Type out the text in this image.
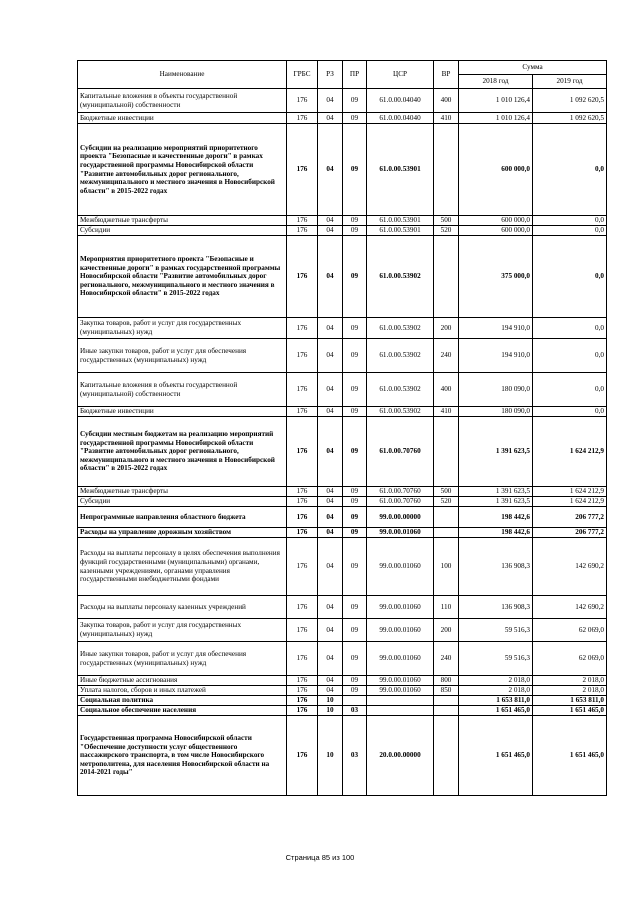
Наименование	ГРБС	РЗ	ПР	ЦСР	ВР	Сумма	
						2018 год	2019 год
Капитальные вложения в объекты государственной (муниципальной) собственности	176	04	09	61.0.00.04040	400	1 010 126,4	1 092 620,5
Бюджетные инвестиции	176	04	09	61.0.00.04040	410	1 010 126,4	1 092 620,5
Субсидии на реализацию мероприятий приоритетного проекта "Безопасные и качественные дороги" в рамках государственной программы Новосибирской области "Развитие автомобильных дорог регионального, межмуниципального и местного значения в Новосибирской области" в 2015-2022 годах	176	04	09	61.0.00.53901		600 000,0	0,0
Межбюджетные трансферты	176	04	09	61.0.00.53901	500	600 000,0	0,0
Субсидии	176	04	09	61.0.00.53901	520	600 000,0	0,0
Мероприятия приоритетного проекта "Безопасные и качественные дороги" в рамках государственной программы Новосибирской области "Развитие автомобильных дорог регионального, межмуниципального и местного значения в Новосибирской области" в 2015-2022 годах	176	04	09	61.0.00.53902		375 000,0	0,0
Закупка товаров, работ и услуг для государственных (муниципальных) нужд	176	04	09	61.0.00.53902	200	194 910,0	0,0
Иные закупки товаров, работ и услуг для обеспечения государственных (муниципальных) нужд	176	04	09	61.0.00.53902	240	194 910,0	0,0
Капитальные вложения в объекты государственной (муниципальной) собственности	176	04	09	61.0.00.53902	400	180 090,0	0,0
Бюджетные инвестиции	176	04	09	61.0.00.53902	410	180 090,0	0,0
Субсидии местным бюджетам на реализацию мероприятий государственной программы Новосибирской области "Развитие автомобильных дорог регионального, межмуниципального и местного значения в Новосибирской области" в 2015-2022 годах	176	04	09	61.0.00.70760		1 391 623,5	1 624 212,9
Межбюджетные трансферты	176	04	09	61.0.00.70760	500	1 391 623,5	1 624 212,9
Субсидии	176	04	09	61.0.00.70760	520	1 391 623,5	1 624 212,9
Непрограммные направления областного бюджета	176	04	09	99.0.00.00000		198 442,6	206 777,2
Расходы на управление дорожным хозяйством	176	04	09	99.0.00.01060		198 442,6	206 777,2
Расходы на выплаты персоналу в целях обеспечения выполнения функций государственными (муниципальными) органами, казенными учреждениями, органами управления государственными внебюджетными фондами	176	04	09	99.0.00.01060	100	136 908,3	142 690,2
Расходы на выплаты персоналу казенных учреждений	176	04	09	99.0.00.01060	110	136 908,3	142 690,2
Закупка товаров, работ и услуг для государственных (муниципальных) нужд	176	04	09	99.0.00.01060	200	59 516,3	62 069,0
Иные закупки товаров, работ и услуг для обеспечения государственных (муниципальных) нужд	176	04	09	99.0.00.01060	240	59 516,3	62 069,0
Иные бюджетные ассигнования	176	04	09	99.0.00.01060	800	2 018,0	2 018,0
Уплата налогов, сборов и иных платежей	176	04	09	99.0.00.01060	850	2 018,0	2 018,0
Социальная политика	176	10				1 653 811,0	1 653 811,0
Социальное обеспечение населения	176	10	03			1 651 465,0	1 651 465,0
Государственная программа Новосибирской области "Обеспечение доступности услуг общественного пассажирского транспорта, в том числе Новосибирского метрополитена, для населения Новосибирской области на 2014-2021 годы"	176	10	03	20.0.00.00000		1 651 465,0	1 651 465,0
Страница 85 из 100
